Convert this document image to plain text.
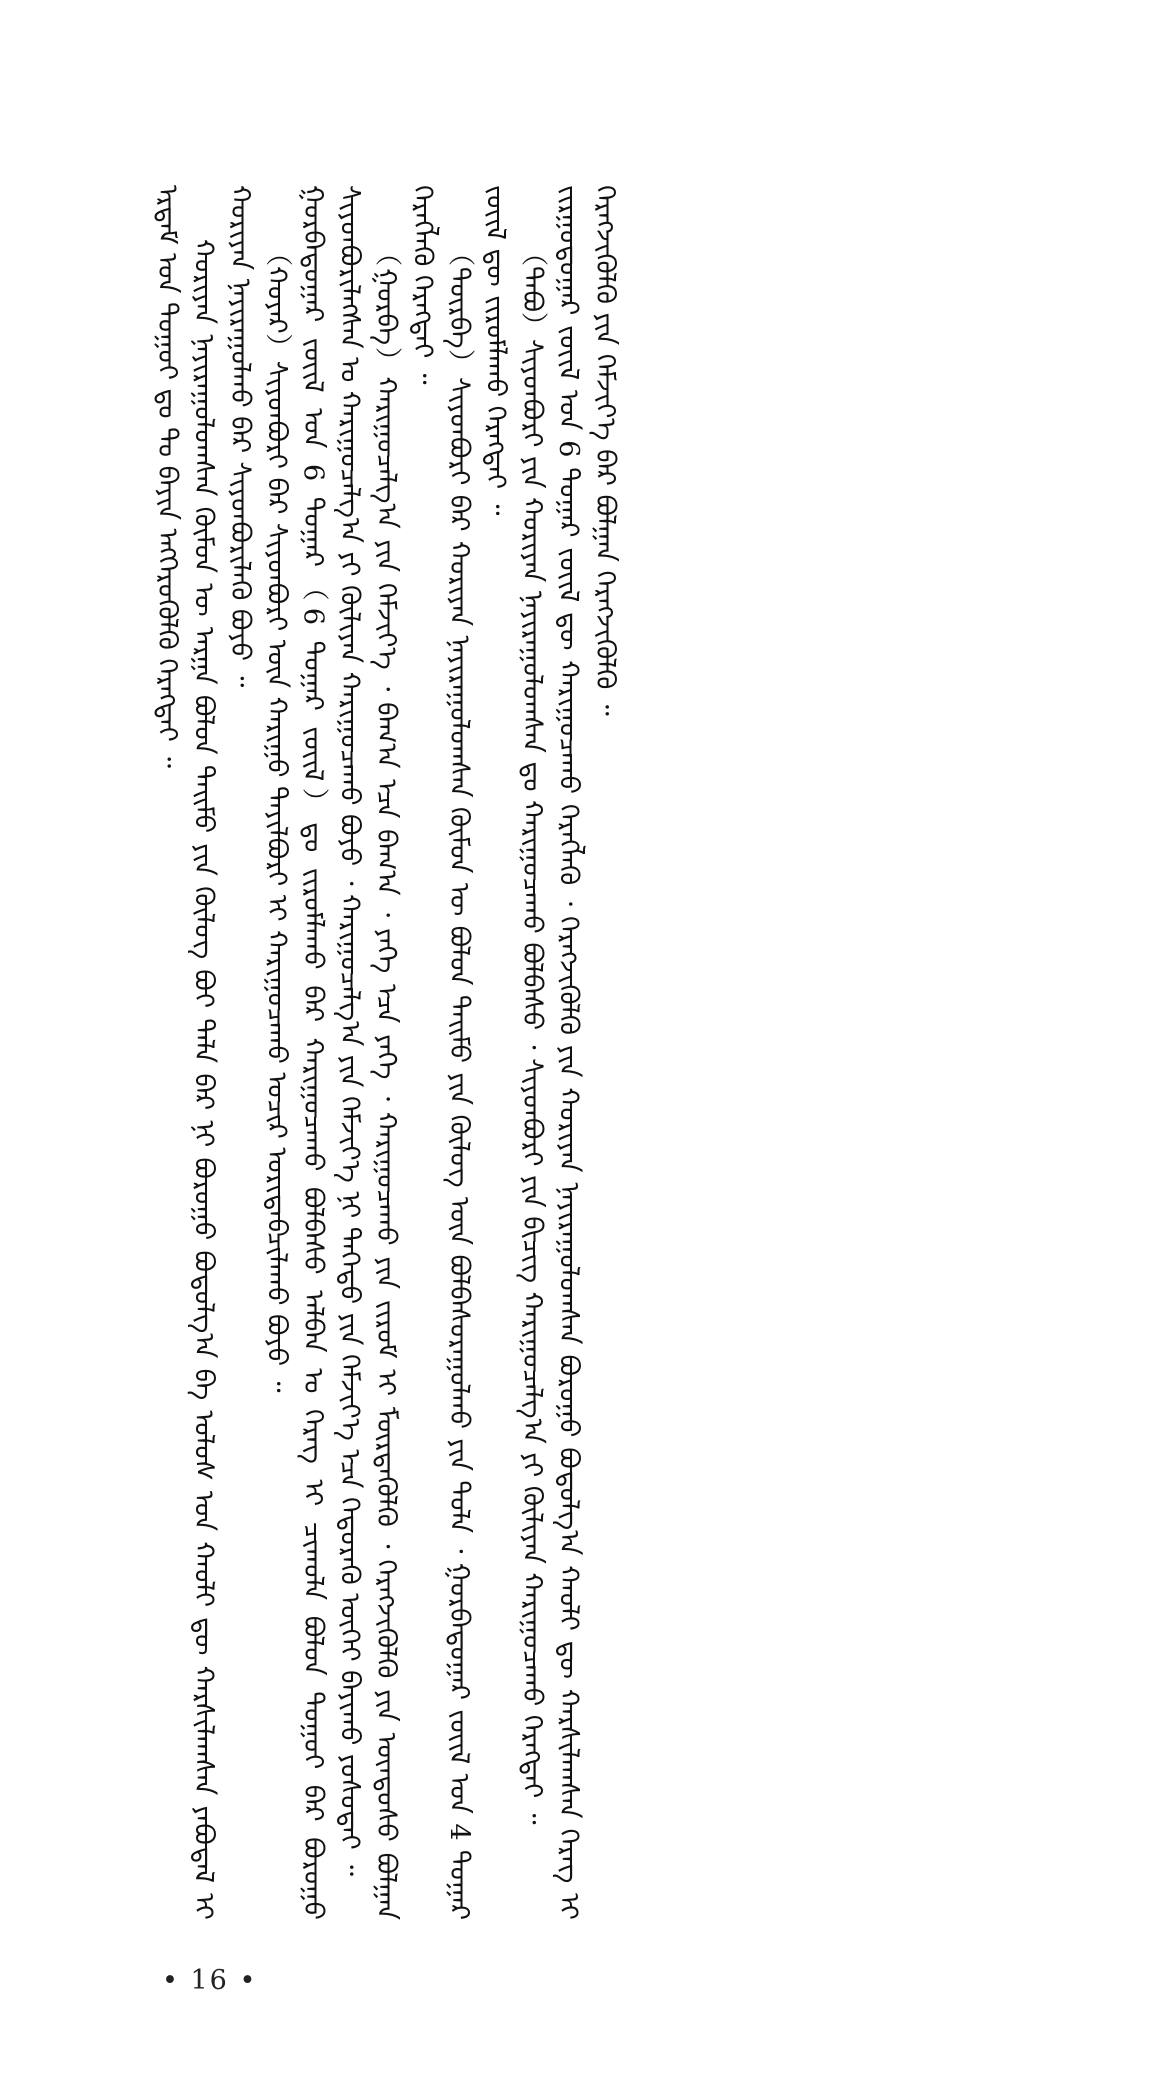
ᠡᠷᠳᠡᠮ ᠤᠨ ᠳᠤᠭᠤᠢ ᠳᠤ ᠲᠤ ᠪᠠᠶᠢᠨ ᠡᠩᠭᠡᠷᠦᠭᠦᠯᠬᠦ ᠬᠡᠷᠡᠭᠲᠡᠢ ᠃ ᠬᠣᠷᠢᠶᠠᠨ ᠨᠠᠶᠢᠷᠠᠭᠤᠯᠤᠭᠰᠠᠨ ᠬᠦᠮᠦᠨ ᠦ ᠠᠷᠭᠠ ᠪᠣᠯᠤᠨ ᠳᠠᠢᠮᠤ ᠶᠢᠨ ᠬᠦᠯᠦᠭ ᠪᠤᠢ ᠲᠠᠯᠠ ᠪᠠᠷ ᠨᠢ ᠪᠤᠷᠤᠭᠤ ᠪᠤᠳᠤᠯᠭ᠎ᠠ ᠪᠠ ᠤᠯᠤᠰ ᠤᠨ ᠬᠠᠤᠯᠢ ᠳᠦ ᠬᠠᠷᠰᠢᠯᠠᠭᠰᠠᠨ ᠶᠠᠪᠤᠳᠠᠯ ᠢ ᠬᠤᠷᠢᠶᠠᠨ ᠨᠠᠶᠢᠷᠠᠭᠤᠯᠬᠤ ᠪᠠᠷ ᠰᠢᠶᠳᠪᠦᠷᠢᠯᠡᠬᠦ ᠪᠤᠶᠤ ᠃ （ᠬᠤᠶᠠᠷ）ᠰᠢᠶᠳᠪᠦᠷᠢ ᠪᠠᠷ ᠰᠢᠶᠳᠪᠦᠷᠢ ᠦᠨ ᠬᠠᠷᠢᠭᠤ ᠲᠠᠶᠢᠯᠪᠤᠷᠢ ᠢ ᠬᠠᠷᠢᠭᠤᠴᠠᠬᠤ ᠤᠴᠢᠷ ᠤᠷᠢᠳᠠᠪᠴᠢᠯᠠᠬᠤ ᠪᠤᠶᠤ ᠃ ᠭᠤᠷᠪᠠᠳᠤᠭᠠᠷ ᠵᠦᠢᠯ ᠤᠨ 6 ᠳᠤᠭᠠᠷ（6 ᠳᠤᠭᠠᠷ ᠵᠦᠢᠯ）ᠳᠤ ᠵᠢᠷᠤᠮᠯᠠᠬᠤ ᠪᠠᠷ ᠬᠠᠷᠢᠭᠤᠴᠠᠬᠤ ᠪᠣᠯᠪᠠᠰᠤ ᠠᠯᠪᠠᠨ ᠤ ᠬᠡᠷᠡᠭ ᠢ ᠴᠢᠬᠤᠯᠠ ᠪᠣᠯᠤᠨ ᠳᠤᠭᠤᠢ ᠪᠠᠷ ᠪᠤᠷᠤᠭᠤ ᠰᠢᠶᠳᠪᠦᠷᠢᠯᠡᠭᠰᠡᠨ ᠤ ᠬᠠᠷᠢᠭᠤᠴᠠᠯᠭ᠎ᠠ ᠶᠢ ᠬᠦᠯᠢᠶᠡᠨ ᠬᠠᠷᠢᠭᠤᠴᠠᠬᠤ ᠪᠤᠶᠤ ᠂ ᠬᠠᠷᠢᠭᠤᠴᠠᠯᠭ᠎ᠠ ᠶᠢᠨ ᠬᠡᠮᠵᠢᠶ᠎ᠡ ᠨᠢ ᠳᠡᠭᠡᠳᠦ ᠶᠢᠨ ᠬᠡᠮᠵᠢᠶ᠎ᠡ ᠡᠴᠡ ᠬᠡᠲᠦᠷᠡᠬᠦ ᠦᠭᠡᠢ ᠪᠠᠶᠢᠬᠤ ᠶᠣᠰᠤᠲᠠᠢ ᠃ （ᠭᠤᠷᠪᠠ）ᠬᠠᠷᠢᠭᠤᠴᠠᠯᠭ᠎ᠠ ᠶᠢᠨ ᠬᠡᠮᠵᠢᠶ᠎ᠡ ᠂ ᠪᠠᠭ᠎ᠠ ᠡᠴᠡ ᠪᠠᠭ᠎ᠠ ᠂ ᠶᠡᠬᠡ ᠡᠴᠡ ᠶᠡᠬᠡ ᠂ ᠬᠠᠷᠢᠭᠤᠴᠠᠬᠤ ᠶᠢᠨ ᠵᠢᠷᠤᠮ ᠢ ᠮᠦᠷᠳᠡᠭᠦᠯᠬᠦ ᠂ ᠬᠡᠷᠡᠭᠵᠢᠭᠦᠯᠬᠦ ᠶᠢᠨ ᠦᠨᠳᠦᠰᠦ ᠪᠣᠯᠭᠠᠨ ᠬᠡᠷᠡᠭᠯᠡᠬᠦ ᠬᠡᠷᠡᠭᠲᠡᠢ ᠃ （ᠳᠦᠷᠪᠡ）ᠰᠢᠶᠳᠪᠦᠷᠢ ᠪᠠᠷ ᠬᠤᠷᠢᠶᠠᠨ ᠨᠠᠶᠢᠷᠠᠭᠤᠯᠤᠭᠰᠠᠨ ᠬᠦᠮᠦᠨ ᠦ ᠪᠣᠯᠤᠨ ᠳᠠᠢᠮᠤ ᠶᠢᠨ ᠬᠦᠯᠦᠭ ᠦᠨ ᠪᠣᠯᠪᠠᠰᠤᠷᠠᠭᠤᠯᠬᠤ ᠶᠢᠨ ᠲᠤᠯᠠ ᠂ ᠭᠤᠷᠪᠠᠳᠤᠭᠠᠷ ᠵᠦᠢᠯ ᠤᠨ 4 ᠳᠤᠭᠠᠷ ᠵᠦᠢᠯ ᠳᠦ ᠵᠢᠷᠤᠮᠯᠠᠬᠤ ᠬᠡᠷᠡᠭᠲᠡᠢ ᠃ （ᠲᠠᠪᠤ）ᠰᠢᠶᠳᠪᠦᠷᠢ ᠶᠢᠨ ᠬᠤᠷᠢᠶᠠᠨ ᠨᠠᠶᠢᠷᠠᠭᠤᠯᠤᠭᠰᠠᠨ ᠳᠤ ᠬᠠᠷᠢᠭᠤᠴᠠᠬᠤ ᠪᠣᠯᠪᠠᠰᠤ ᠂ ᠰᠢᠶᠳᠪᠦᠷᠢ ᠶᠢᠨ ᠪᠢᠴᠢᠭ ᠬᠠᠷᠢᠭᠤᠴᠠᠯᠭ᠎ᠠ ᠶᠢ ᠬᠦᠯᠢᠶᠡᠨ ᠬᠠᠷᠢᠭᠤᠴᠠᠬᠤ ᠬᠡᠷᠡᠭᠲᠡᠢ ᠃ ᠵᠢᠷᠭᠤᠳᠤᠭᠠᠷ ᠵᠦᠢᠯ ᠤᠨ 6 ᠳᠤᠭᠠᠷ ᠵᠦᠢᠯ ᠳᠦ ᠬᠠᠷᠢᠭᠤᠴᠠᠬᠤ ᠬᠡᠷᠡᠭᠯᠡᠬᠦ ᠂ ᠬᠡᠷᠡᠭᠵᠢᠭᠦᠯᠬᠦ ᠶᠢᠨ ᠬᠤᠷᠢᠶᠠᠨ ᠨᠠᠶᠢᠷᠠᠭᠤᠯᠤᠭᠰᠠᠨ ᠪᠤᠷᠤᠭᠤ ᠪᠤᠳᠤᠯᠭ᠎ᠠ ᠬᠠᠤᠯᠢ ᠳᠦ ᠬᠠᠷᠰᠢᠯᠠᠭᠰᠠᠨ ᠬᠡᠷᠡᠭ ᠢ ᠬᠡᠷᠡᠭᠵᠢᠭᠦᠯᠬᠦ ᠶᠢᠨ ᠬᠡᠮᠵᠢᠶ᠎ᠡ ᠪᠠᠷ ᠪᠣᠯᠭᠠᠨ ᠬᠡᠷᠡᠭᠵᠢᠭᠦᠯᠬᠦ ᠃

• 16 •
